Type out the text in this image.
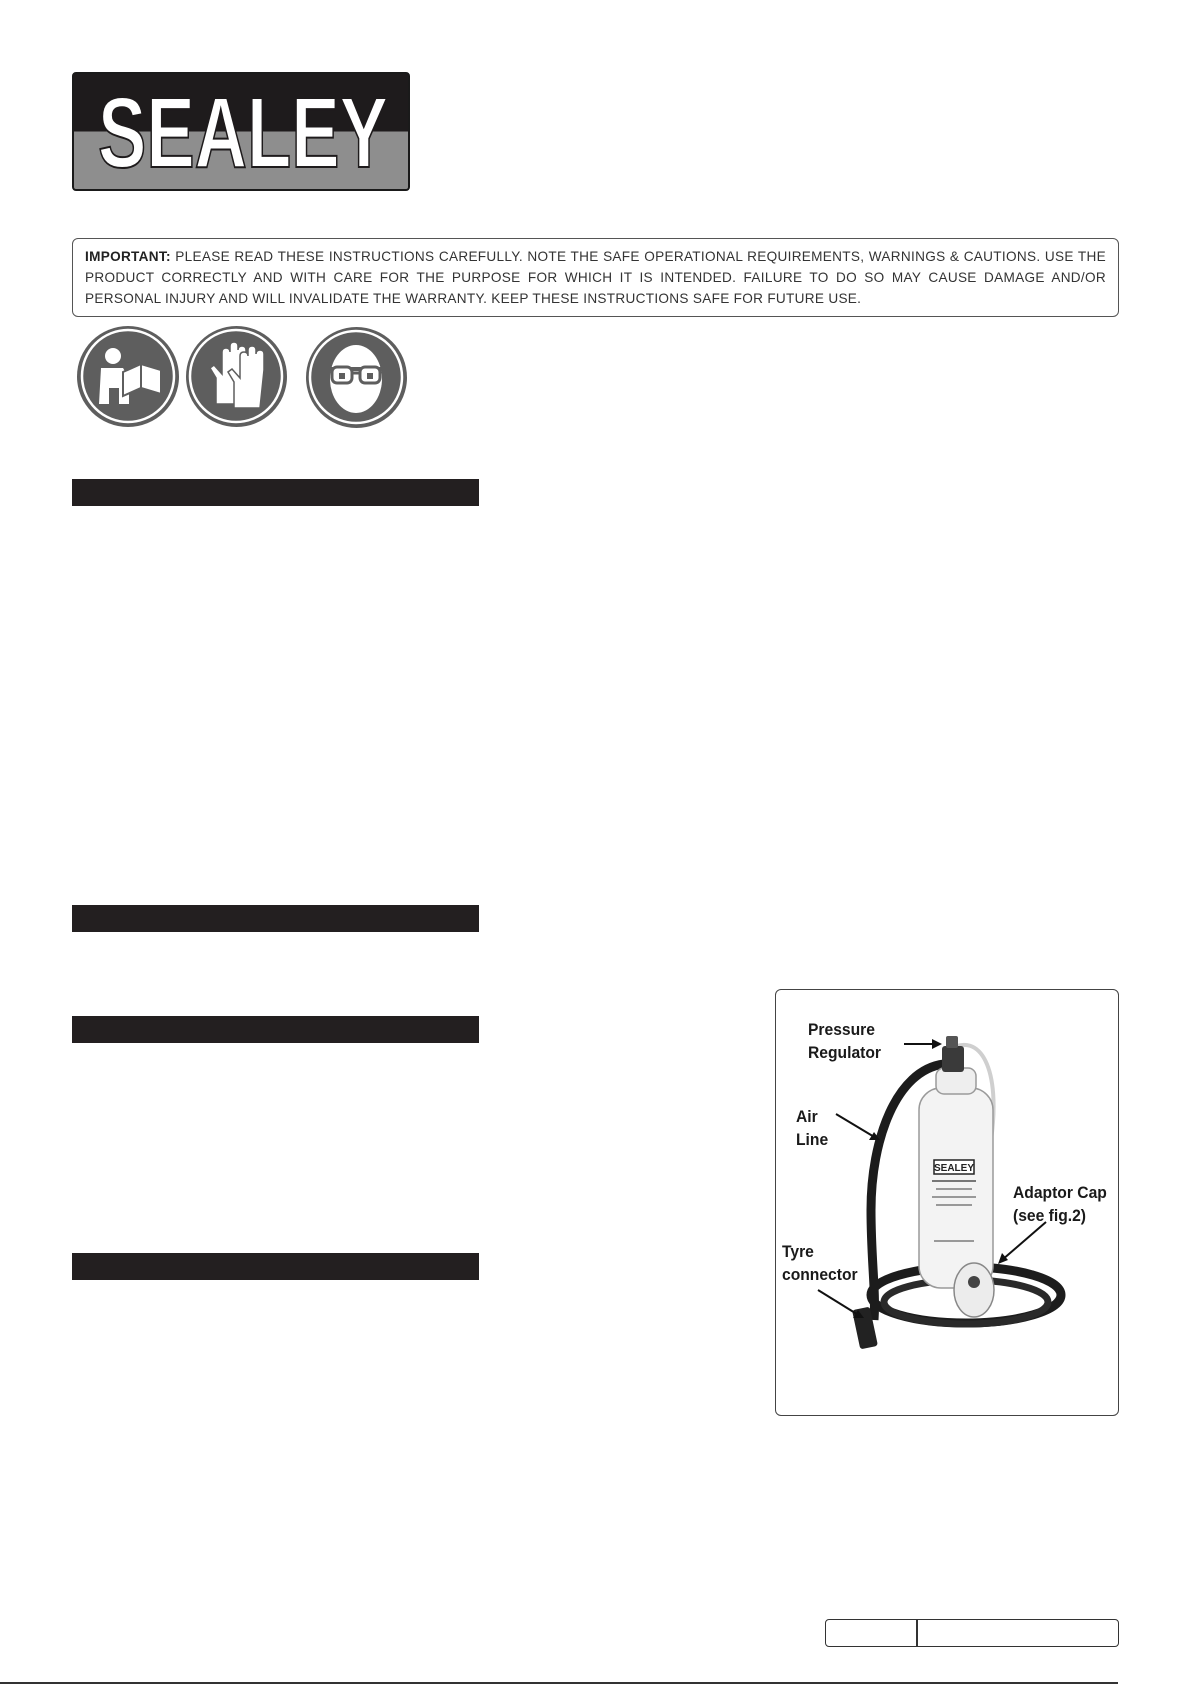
SEALEY
IMPORTANT: PLEASE READ THESE INSTRUCTIONS CAREFULLY. NOTE THE SAFE OPERATIONAL REQUIREMENTS, WARNINGS & CAUTIONS. USE THE PRODUCT CORRECTLY AND WITH CARE FOR THE PURPOSE FOR WHICH IT IS INTENDED. FAILURE TO DO SO MAY CAUSE DAMAGE AND/OR PERSONAL INJURY AND WILL INVALIDATE THE WARRANTY. KEEP THESE INSTRUCTIONS SAFE FOR FUTURE USE.
SEALEY
Pressure
Regulator
Air
Line
Adaptor Cap
(see fig.2)
Tyre
connector
